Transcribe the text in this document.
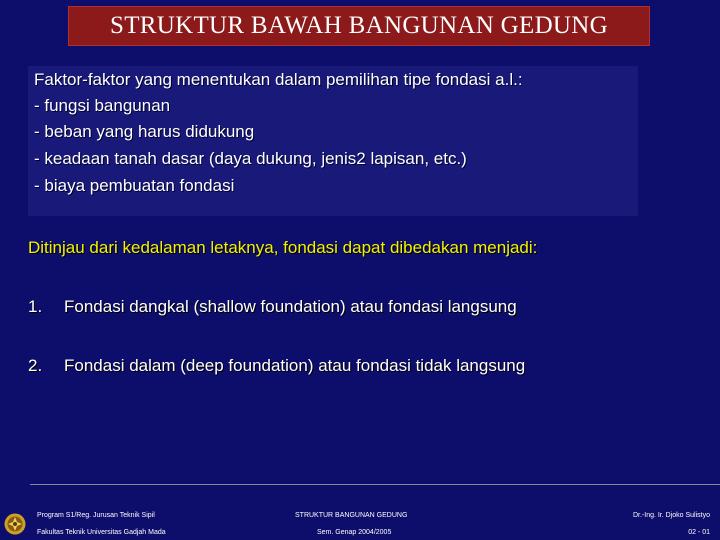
STRUKTUR BAWAH BANGUNAN GEDUNG
Faktor-faktor yang menentukan dalam pemilihan tipe fondasi a.l.:
- fungsi bangunan
- beban yang harus didukung
- keadaan tanah dasar (daya dukung, jenis2 lapisan, etc.)
- biaya pembuatan fondasi
Ditinjau dari kedalaman letaknya, fondasi dapat dibedakan menjadi:
1. Fondasi dangkal (shallow foundation) atau fondasi langsung
2. Fondasi dalam (deep foundation) atau fondasi tidak langsung
Program S1/Reg. Jurusan Teknik Sipil
Fakultas Teknik Universitas Gadjah Mada
STRUKTUR BANGUNAN GEDUNG
Sem. Genap 2004/2005
Dr.-Ing. Ir. Djoko Sulistyo
02 - 01
